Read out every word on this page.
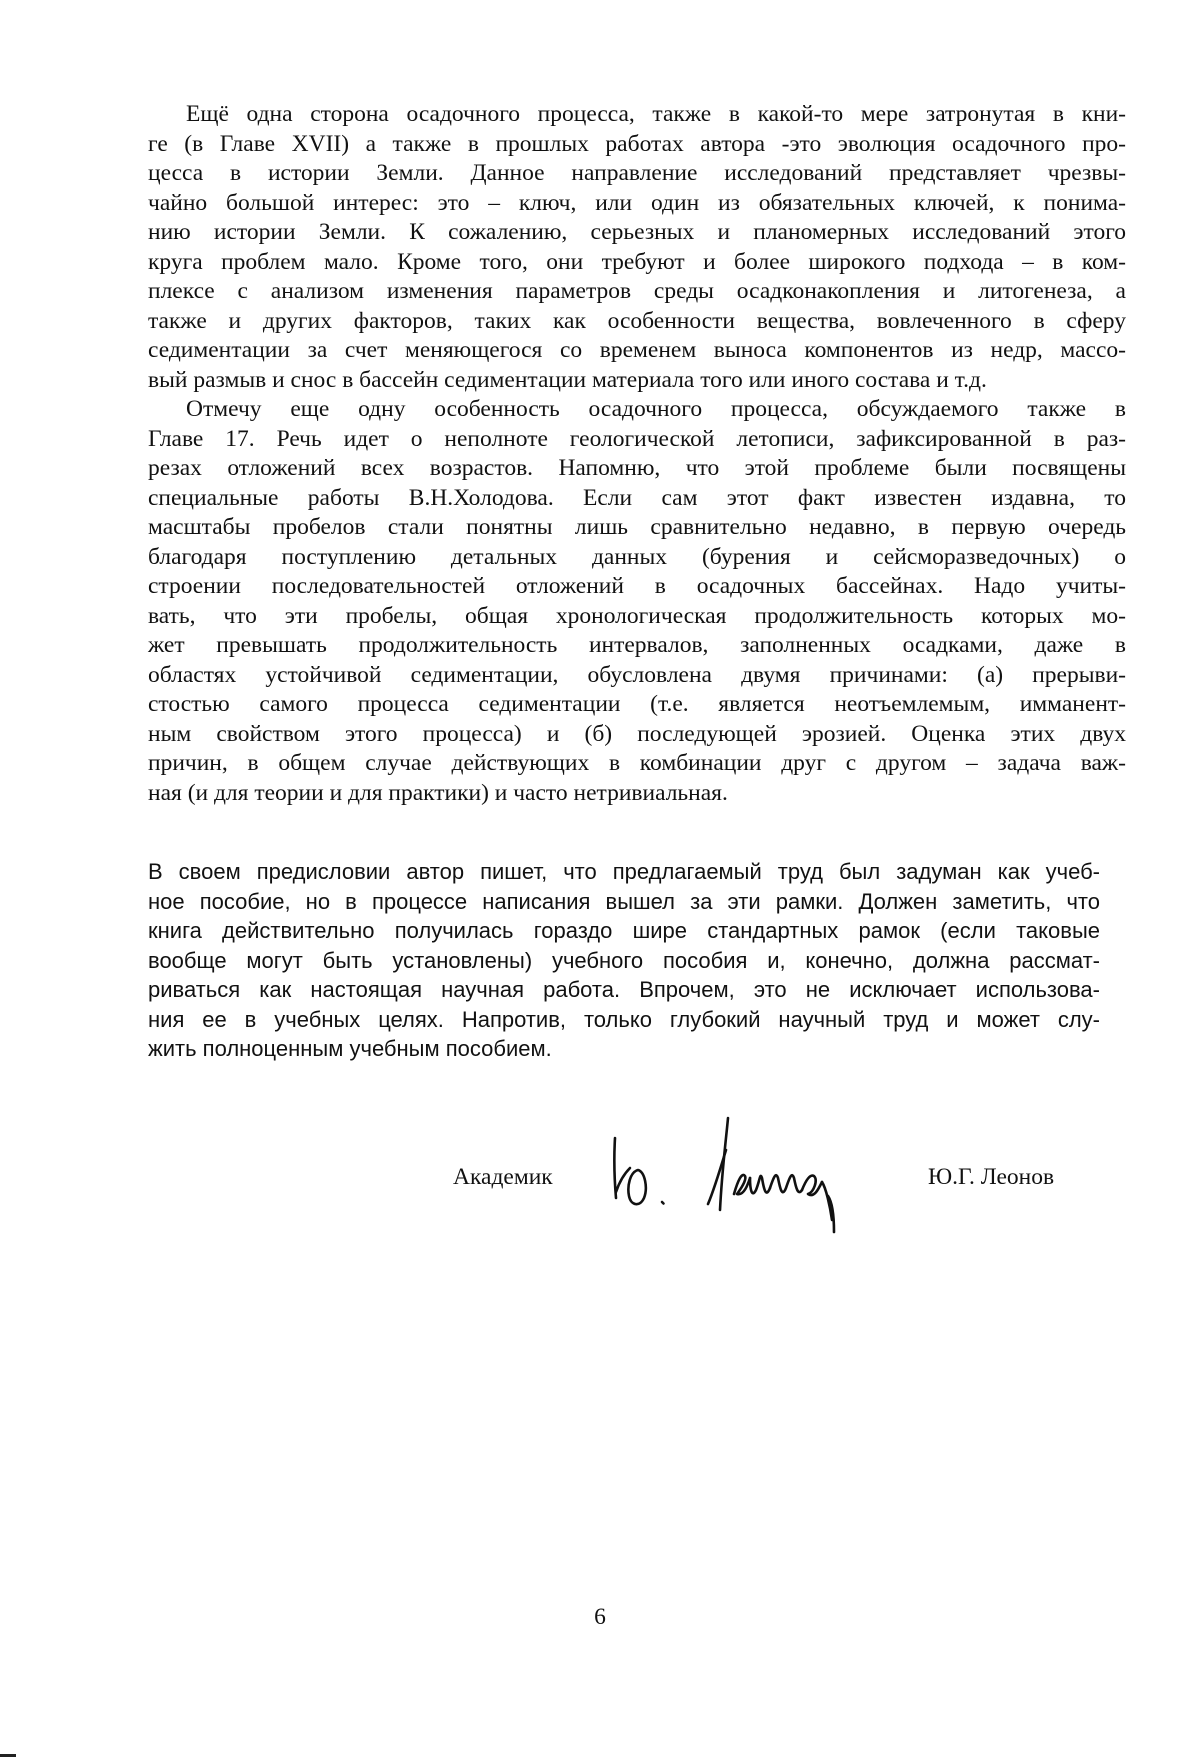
Ещё одна сторона осадочного процесса, также в какой-то мере затронутая в кни-
ге (в Главе XVII) а также в прошлых работах автора -это эволюция осадочного про-
цесса в истории Земли. Данное направление исследований представляет чрезвы-
чайно большой интерес: это – ключ, или один из обязательных ключей, к понима-
нию истории Земли. К сожалению, серьезных и планомерных исследований этого
круга проблем мало. Кроме того, они требуют и более широкого подхода – в ком-
плексе с анализом изменения параметров среды осадконакопления и литогенеза, а
также и других факторов, таких как особенности вещества, вовлеченного в сферу
седиментации за счет меняющегося со временем выноса компонентов из недр, массо-
вый размыв и снос в бассейн седиментации материала того или иного состава и т.д.
Отмечу еще одну особенность осадочного процесса, обсуждаемого также в
Главе 17. Речь идет о неполноте геологической летописи, зафиксированной в раз-
резах отложений всех возрастов. Напомню, что этой проблеме были посвящены
специальные работы В.Н.Холодова. Если сам этот факт известен издавна, то
масштабы пробелов стали понятны лишь сравнительно недавно, в первую очередь
благодаря поступлению детальных данных (бурения и сейсморазведочных) о
строении последовательностей отложений в осадочных бассейнах. Надо учиты-
вать, что эти пробелы, общая хронологическая продолжительность которых мо-
жет превышать продолжительность интервалов, заполненных осадками, даже в
областях устойчивой седиментации, обусловлена двумя причинами: (а) прерыви-
стостью самого процесса седиментации (т.е. является неотъемлемым, имманент-
ным свойством этого процесса) и (б) последующей эрозией. Оценка этих двух
причин, в общем случае действующих в комбинации друг с другом – задача важ-
ная (и для теории и для практики) и часто нетривиальная.
В своем предисловии автор пишет, что предлагаемый труд был задуман как учеб-
ное пособие, но в процессе написания вышел за эти рамки. Должен заметить, что
книга действительно получилась гораздо шире стандартных рамок (если таковые
вообще могут быть установлены) учебного пособия и, конечно, должна рассмат-
риваться как настоящая научная работа. Впрочем, это не исключает использова-
ния ее в учебных целях. Напротив, только глубокий научный труд и может слу-
жить полноценным учебным пособием.
Академик	Ю.Г. Леонов
6
